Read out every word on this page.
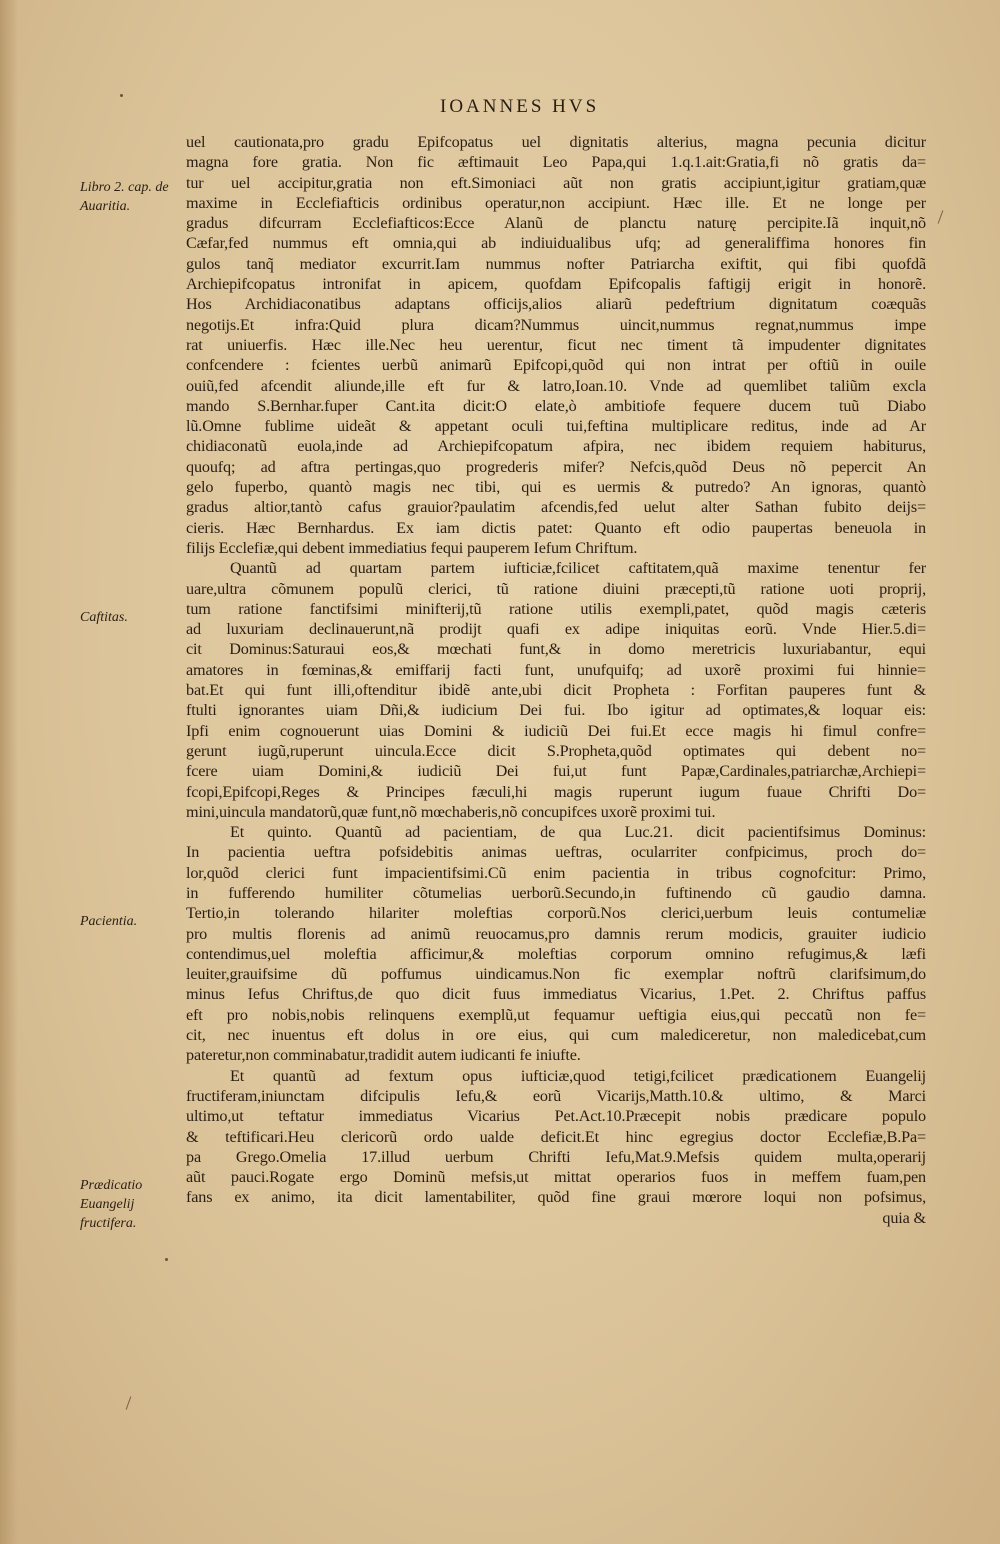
IOANNES HVS
Libro 2. cap. de Auaritia.
Caftitas.
Pacientia.
Prædicatio Euangelij fructifera.
uel cautionata,pro gradu Epifcopatus uel dignitatis alterius, magna pecunia dicitur
magna fore gratia. Non fic æftimauit Leo Papa,qui 1.q.1.ait:Gratia,fi nõ gratis da=
tur uel accipitur,gratia non eft.Simoniaci aũt non gratis accipiunt,igitur gratiam,quæ
maxime in Ecclefiafticis ordinibus operatur,non accipiunt. Hæc ille. Et ne longe per
gradus difcurram Ecclefiafticos:Ecce Alanũ de planctu naturę percipite.Iã inquit,nõ
Cæfar,fed nummus eft omnia,qui ab indiuidualibus ufq; ad generaliffima honores fin
gulos tanq̃ mediator excurrit.Iam nummus nofter Patriarcha exiftit, qui fibi quofdã
Archiepifcopatus intronifat in apicem, quofdam Epifcopalis faftigij erigit in honorẽ.
Hos Archidiaconatibus adaptans officijs,alios aliarũ pedeftrium dignitatum coæquãs
negotijs.Et infra:Quid plura dicam?Nummus uincit,nummus regnat,nummus impe
rat uniuerfis. Hæc ille.Nec heu uerentur, ficut nec timent tã impudenter dignitates
confcendere : fcientes uerbũ animarũ Epifcopi,quõd qui non intrat per oftiũ in ouile
ouiũ,fed afcendit aliunde,ille eft fur & latro,Ioan.10. Vnde ad quemlibet taliũm excla
mando S.Bernhar.fuper Cant.ita dicit:O elate,ò ambitiofe fequere ducem tuũ Diabo
lũ.Omne fublime uideãt & appetant oculi tui,feftina multiplicare reditus, inde ad Ar
chidiaconatũ euola,inde ad Archiepifcopatum afpira, nec ibidem requiem habiturus,
quoufq; ad aftra pertingas,quo progrederis mifer? Nefcis,quõd Deus nõ pepercit An
gelo fuperbo, quantò magis nec tibi, qui es uermis & putredo? An ignoras, quantò
gradus altior,tantò cafus grauior?paulatim afcendis,fed uelut alter Sathan fubito deijs=
cieris. Hæc Bernhardus. Ex iam dictis patet: Quanto eft odio paupertas beneuola in
filijs Ecclefiæ,qui debent immediatius fequi pauperem Iefum Chriftum.
Quantũ ad quartam partem iufticiæ,fcilicet caftitatem,quã maxime tenentur fer
uare,ultra cõmunem populũ clerici, tũ ratione diuini præcepti,tũ ratione uoti proprij,
tum ratione fanctifsimi minifterij,tũ ratione utilis exempli,patet, quõd magis cæteris
ad luxuriam declinauerunt,nã prodijt quafi ex adipe iniquitas eorũ. Vnde Hier.5.di=
cit Dominus:Saturaui eos,& mœchati funt,& in domo meretricis luxuriabantur, equi
amatores in fœminas,& emiffarij facti funt, unufquifq; ad uxorẽ proximi fui hinnie=
bat.Et qui funt illi,oftenditur ibidẽ ante,ubi dicit Propheta : Forfitan pauperes funt &
ftulti ignorantes uiam Dñi,& iudicium Dei fui. Ibo igitur ad optimates,& loquar eis:
Ipfi enim cognouerunt uias Domini & iudiciũ Dei fui.Et ecce magis hi fimul confre=
gerunt iugũ,ruperunt uincula.Ecce dicit S.Propheta,quõd optimates qui debent no=
fcere uiam Domini,& iudiciũ Dei fui,ut funt Papæ,Cardinales,patriarchæ,Archiepi=
fcopi,Epifcopi,Reges & Principes fæculi,hi magis ruperunt iugum fuaue Chrifti Do=
mini,uincula mandatorũ,quæ funt,nõ mœchaberis,nõ concupifces uxorẽ proximi tui.
Et quinto. Quantũ ad pacientiam, de qua Luc.21. dicit pacientifsimus Dominus:
In pacientia ueftra pofsidebitis animas ueftras, ocularriter confpicimus, proch do=
lor,quõd clerici funt impacientifsimi.Cũ enim pacientia in tribus cognofcitur: Primo,
in fufferendo humiliter cõtumelias uerborũ.Secundo,in fuftinendo cũ gaudio damna.
Tertio,in tolerando hilariter moleftias corporũ.Nos clerici,uerbum leuis contumeliæ
pro multis florenis ad animũ reuocamus,pro damnis rerum modicis, grauiter iudicio
contendimus,uel moleftia afficimur,& moleftias corporum omnino refugimus,& læfi
leuiter,grauifsime dũ poffumus uindicamus.Non fic exemplar noftrũ clarifsimum,do
minus Iefus Chriftus,de quo dicit fuus immediatus Vicarius, 1.Pet. 2. Chriftus paffus
eft pro nobis,nobis relinquens exemplũ,ut fequamur ueftigia eius,qui peccatũ non fe=
cit, nec inuentus eft dolus in ore eius, qui cum malediceretur, non maledicebat,cum
pateretur,non comminabatur,tradidit autem iudicanti fe iniufte.
Et quantũ ad fextum opus iufticiæ,quod tetigi,fcilicet prædicationem Euangelij
fructiferam,iniunctam difcipulis Iefu,& eorũ Vicarijs,Matth.10.& ultimo, & Marci
ultimo,ut teftatur immediatus Vicarius Pet.Act.10.Præcepit nobis prædicare populo
& teftificari.Heu clericorũ ordo ualde deficit.Et hinc egregius doctor Ecclefiæ,B.Pa=
pa Grego.Omelia 17.illud uerbum Chrifti Iefu,Mat.9.Mefsis quidem multa,operarij
aũt pauci.Rogate ergo Dominũ mefsis,ut mittat operarios fuos in meffem fuam,pen
fans ex animo, ita dicit lamentabiliter, quõd fine graui mœrore loqui non pofsimus,
quia &
